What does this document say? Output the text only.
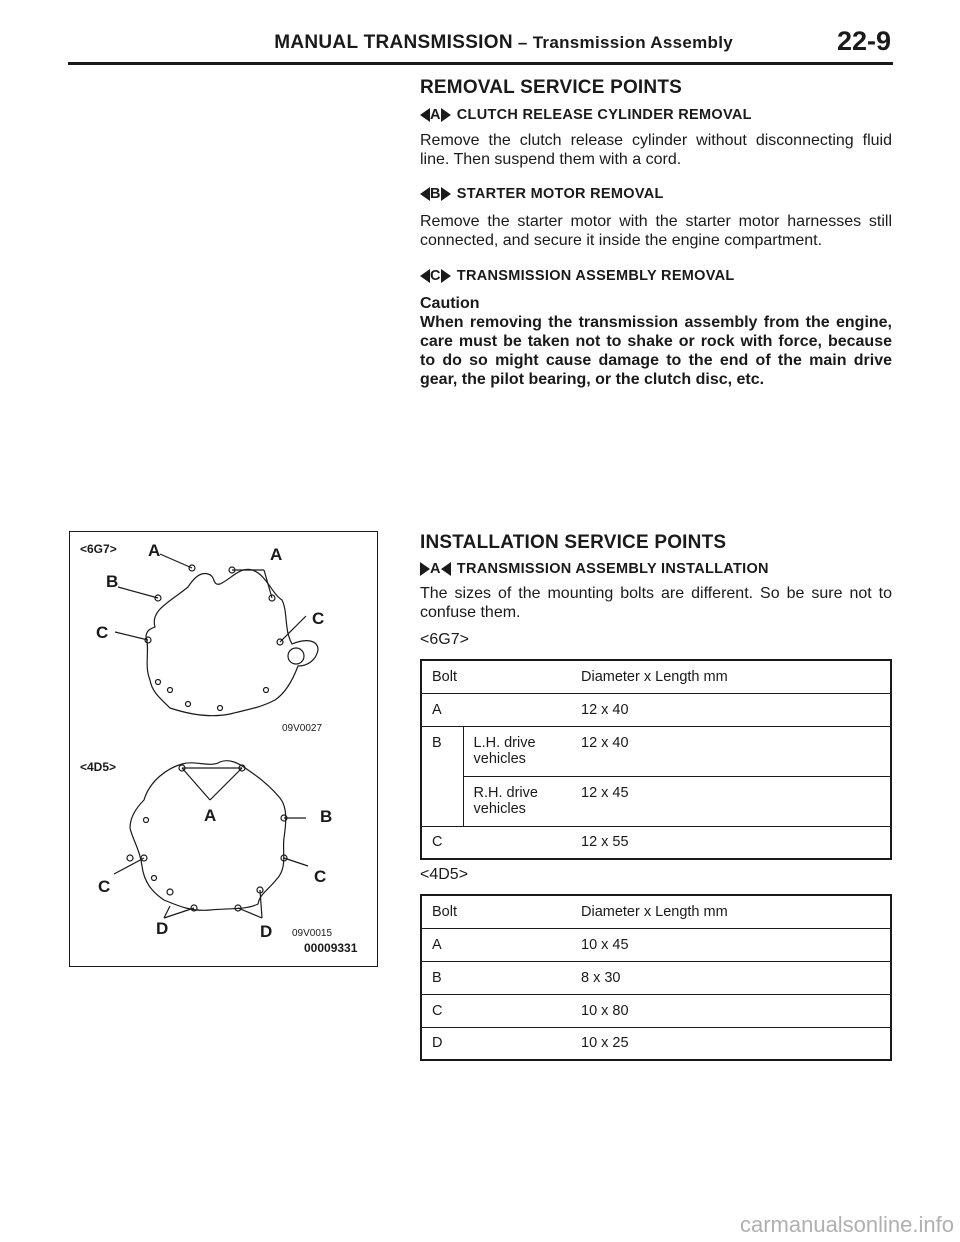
MANUAL TRANSMISSION – Transmission Assembly	22-9
REMOVAL SERVICE POINTS
A CLUTCH RELEASE CYLINDER REMOVAL

Remove the clutch release cylinder without disconnecting fluid line. Then suspend them with a cord.

B STARTER MOTOR REMOVAL

Remove the starter motor with the starter motor harnesses still connected, and secure it inside the engine compartment.

C TRANSMISSION ASSEMBLY REMOVAL
Caution
When removing the transmission assembly from the engine, care must be taken not to shake or rock with force, because to do so might cause damage to the end of the main drive gear, the pilot bearing, or the clutch disc, etc.
INSTALLATION SERVICE POINTS
A TRANSMISSION ASSEMBLY INSTALLATION

The sizes of the mounting bolts are different. So be sure not to confuse them.

<6G7>
Bolt		Diameter x Length mm
A		12 x 40
B	L.H. drive vehicles	12 x 40
	R.H. drive vehicles	12 x 45
C		12 x 55
<4D5>
Bolt	Diameter x Length mm
A	10 x 45
B	8 x 30
C	10 x 80
D	10 x 25
<6G7> A	A
B
C
C
09V0027
<4D5>
A	B
C
C
D	D 09V0015
00009331
carmanualsonline.info
